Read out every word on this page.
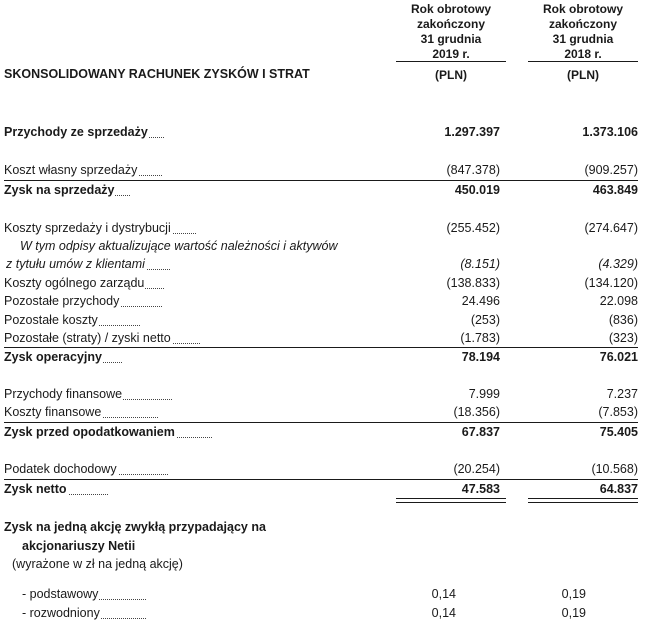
Rok obrotowy
zakończony
31 grudnia
2019 r.
Rok obrotowy
zakończony
31 grudnia
2018 r.
SKONSOLIDOWANY RACHUNEK ZYSKÓW I STRAT	(PLN)	(PLN)
Przychody ze sprzedaży	1.297.397	1.373.106
Koszt własny sprzedaży	(847.378)	(909.257)
Zysk na sprzedaży	450.019	463.849
Koszty sprzedaży i dystrybucji	(255.452)	(274.647)
W tym odpisy aktualizujące wartość należności i aktywów
z tytułu umów z klientami	(8.151)	(4.329)
Koszty ogólnego zarządu	(138.833)	(134.120)
Pozostałe przychody	24.496	22.098
Pozostałe koszty	(253)	(836)
Pozostałe (straty) / zyski netto	(1.783)	(323)
Zysk operacyjny	78.194	76.021
Przychody finansowe	7.999	7.237
Koszty finansowe	(18.356)	(7.853)
Zysk przed opodatkowaniem	67.837	75.405
Podatek dochodowy	(20.254)	(10.568)
Zysk netto	47.583	64.837
Zysk na jedną akcję zwykłą przypadający na
akcjonariuszy Netii
(wyrażone w zł na jedną akcję)
- podstawowy	0,14	0,19
- rozwodniony	0,14	0,19
